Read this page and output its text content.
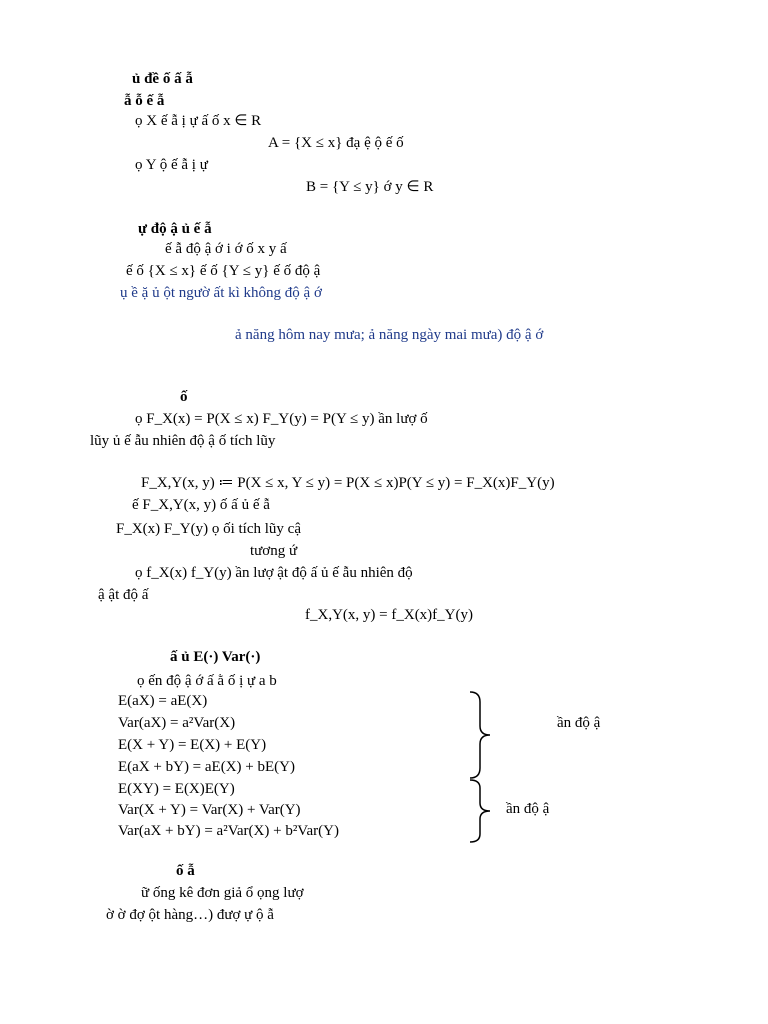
ủ đề ố ấ ẫ
ẫ ỗ ế ẫ
ọ X ế ẫ ị ự ấ ố x ∈ R
A = {X ≤ x} đạ ệ ộ ế ố
ọ Y ộ ế ẫ ị ự
B = {Y ≤ y} ớ y ∈ R
ự độ ậ ủ ế ẫ
ế ẫ độ ậ ớ i ớ ố x y ấ
ế ố {X ≤ x} ế ố {Y ≤ y} ế ố độ ậ
ụ ề ặ ủ ột ngườ ất kì không độ ậ ớ
ả năng hôm nay mưa; ả năng ngày mai mưa) độ ậ ớ
ố
ọ F_X(x) = P(X ≤ x) F_Y(y) = P(Y ≤ y) ần lượ ố
lũy ủ ế ẫu nhiên độ ậ ố tích lũy
F_X,Y(x, y) ≔ P(X ≤ x, Y ≤ y) = P(X ≤ x)P(Y ≤ y) = F_X(x)F_Y(y)
ế F_X,Y(x, y) ố ấ ủ ế ẫ
F_X(x) F_Y(y) ọ ối tích lũy cậ
tương ứ
ọ f_X(x) f_Y(y) ần lượ ật độ ấ ủ ế ẫu nhiên độ
ậ ật độ ấ
f_X,Y(x, y) = f_X(x)f_Y(y)
ấ ủ E(·) Var(·)
ọ ến độ ậ ớ ấ ằ ố ị ự a b
E(aX) = aE(X)
Var(aX) = a²Var(X)
E(X + Y) = E(X) + E(Y)
E(aX + bY) = aE(X) + bE(Y)
E(XY) = E(X)E(Y)
Var(X + Y) = Var(X) + Var(Y)
Var(aX + bY) = a²Var(X) + b²Var(Y)
ần độ ậ
ần độ ậ
ố ẫ
ữ ống kê đơn giả ổ ọng lượ
ờ ờ đợ ột hàng…) đượ ự ộ ẫ
